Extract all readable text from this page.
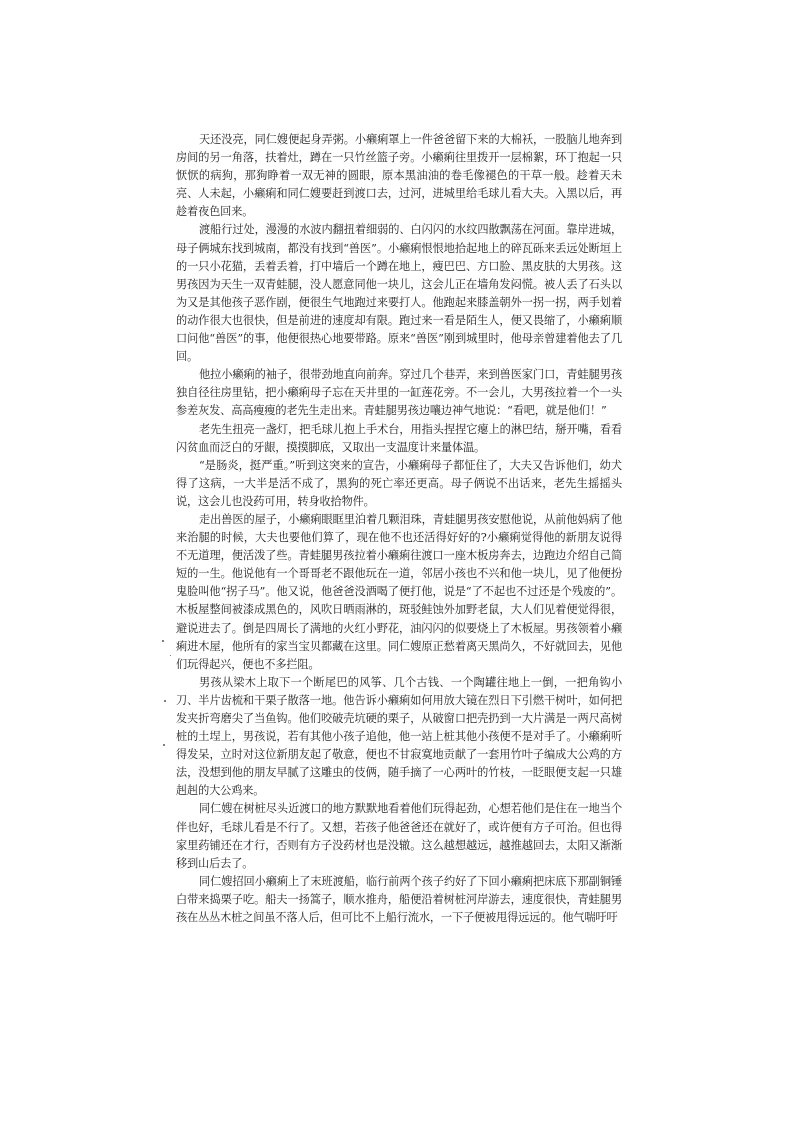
天还没亮，同仁嫂便起身弄粥。小癞痢罩上一件爸爸留下来的大棉袄，一股脑儿地奔到房间的另一角落，扶着灶，蹲在一只竹丝篮子旁。小癞痢往里拨开一层棉絮，环丁抱起一只恹恹的病狗，那狗睁着一双无神的圆眼，原本黑油油的卷毛像褪色的干草一般。趁着天未亮、人未起，小癞痢和同仁嫂要赶到渡口去，过河，进城里给毛球儿看大夫。入黑以后，再趁着夜色回来。

渡船行过处，漫漫的水波内翻扭着细弱的、白闪闪的水纹四散飘荡在河面。靠岸进城，母子俩城东找到城南，都没有找到“兽医”。小癞痢恨恨地拾起地上的碎瓦砾来丢远处断垣上的一只小花猫，丢着丢着，打中墙后一个蹲在地上，瘦巴巴、方口脸、黑皮肤的大男孩。这男孩因为天生一双青蛙腿，没人愿意同他一块儿，这会儿正在墙角发闷慌。被人丢了石头以为又是其他孩子恶作剧，便很生气地跑过来要打人。他跑起来膝盖朝外一拐一拐，两手划着的动作很大也很快，但是前进的速度却有限。跑过来一看是陌生人，便又畏缩了，小癞痢顺口问他“兽医”的事，他便很热心地要带路。原来“兽医”刚到城里时，他母亲曾建着他去了几回。

他拉小癞痢的袖子，很带劲地直向前奔。穿过几个巷弄，来到兽医家门口，青蛙腿男孩独自径往房里钻，把小癞痢母子忘在天井里的一缸莲花旁。不一会儿，大男孩拉着一个一头参差灰发、高高瘦瘦的老先生走出来。青蛙腿男孩边嚷边神气地说：“看吧，就是他们！”

老先生扭亮一盏灯，把毛球儿抱上手术台，用指头捏捏它瘪上的淋巴结，掰开嘴，看看闪贫血而泛白的牙龈，摸摸脚底，又取出一支温度计来量体温。

“是肠炎，挺严重。”听到这突来的宣告，小癞痢母子都怔住了，大夫又告诉他们，幼犬得了这病，一大半是活不成了，黑狗的死亡率还更高。母子俩说不出话来，老先生摇摇头说，这会儿也没药可用，转身收拾物件。

走出兽医的屋子，小癞痢眼眶里泊着几颗泪珠，青蛙腿男孩安慰他说，从前他妈病了他来治腿的时候，大夫也要他们算了，现在他不也还活得好好的?小癞痢觉得他的新朋友说得不无道理，便活泼了些。青蛙腿男孩拉着小癞痢往渡口一座木板房奔去，边跑边介绍自己简短的一生。他说他有一个哥哥老不跟他玩在一道，邻居小孩也不兴和他一块儿，见了他便扮鬼脸叫他“拐子马”。他又说，他爸爸没酒喝了便打他，说是“了不起也不过还是个残废的”。木板屋整间被漆成黑色的，风吹日晒雨淋的，斑驳鲑蚀外加野老鼠，大人们见着便觉得很，避说进去了。倒是四周长了满地的火红小野花，油闪闪的似要烧上了木板屋。男孩领着小癞痢进木屋，他所有的家当宝贝都藏在这里。同仁嫂原正愁着离天黑尚久，不好就回去，见他们玩得起兴，便也不多拦阻。

男孩从梁木上取下一个断尾巴的风筝、几个古钱、一个陶罐往地上一倒，一把角钩小刀、半片齿梳和干栗子散落一地。他告诉小癞痢如何用放大镜在烈日下引燃干树叶，如何把发夹折弯磨尖了当鱼钩。他们咬破壳坑硬的栗子，从破窗口把壳扔到一大片满是一两尺高树桩的土埕上，男孩说，若有其他小孩子追他，他一站上桩其他小孩便不是对手了。小癞痢听得发呆，立时对这位新朋友起了敬意，便也不甘寂寞地贡献了一套用竹叶子编成大公鸡的方法，没想到他的朋友早腻了这雕虫的伎俩，随手摘了一心两叶的竹枝，一眨眼便支起一只雄赳赳的大公鸡来。

同仁嫂在树桩尽头近渡口的地方默默地看着他们玩得起劲，心想若他们是住在一地当个伴也好，毛球儿看是不行了。又想，若孩子他爸爸还在就好了，或许便有方子可治。但也得家里药铺还在才行，否则有方子没药材也是没辙。这么越想越远，越推越回去，太阳又渐渐移到山后去了。

同仁嫂招回小癞痢上了末班渡船，临行前两个孩子约好了下回小癞痢把床底下那副铜锤白带来捣栗子吃。船夫一扬篙子，顺水推舟，船便沿着树桩河岸游去，速度很快，青蛙腿男孩在丛丛木桩之间虽不落人后，但可比不上船行流水，一下子便被甩得远远的。他气喘吁吁
